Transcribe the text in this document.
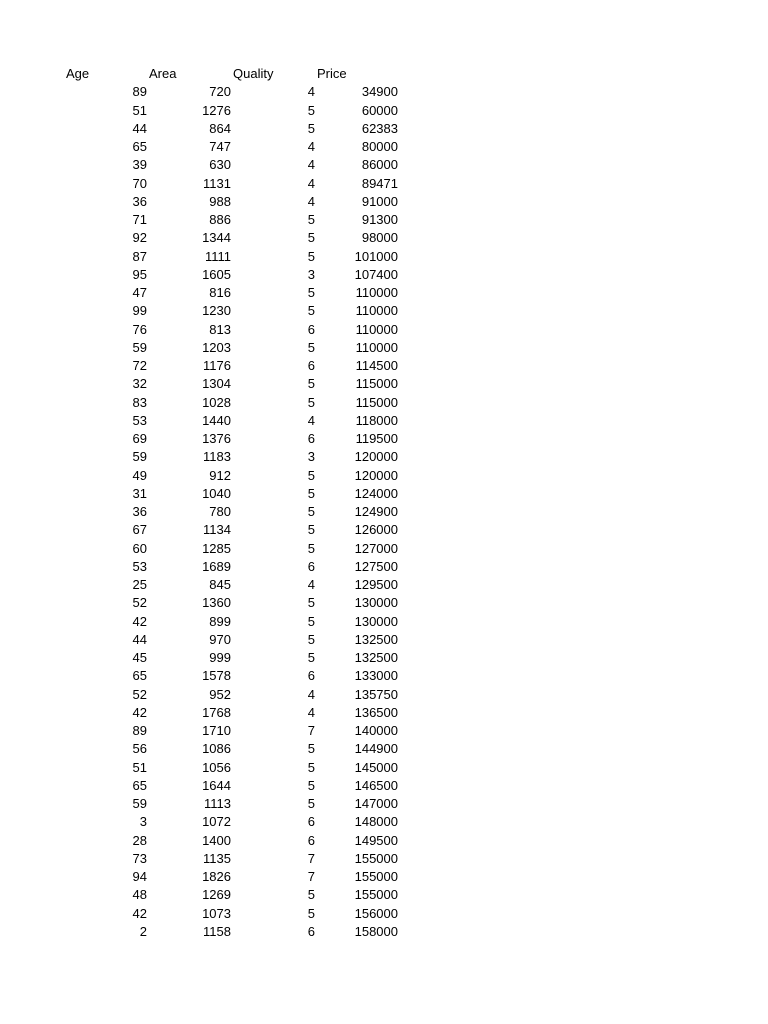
Age	Area	Quality	Price
89	720	4	34900
51	1276	5	60000
44	864	5	62383
65	747	4	80000
39	630	4	86000
70	1131	4	89471
36	988	4	91000
71	886	5	91300
92	1344	5	98000
87	1111	5	101000
95	1605	3	107400
47	816	5	110000
99	1230	5	110000
76	813	6	110000
59	1203	5	110000
72	1176	6	114500
32	1304	5	115000
83	1028	5	115000
53	1440	4	118000
69	1376	6	119500
59	1183	3	120000
49	912	5	120000
31	1040	5	124000
36	780	5	124900
67	1134	5	126000
60	1285	5	127000
53	1689	6	127500
25	845	4	129500
52	1360	5	130000
42	899	5	130000
44	970	5	132500
45	999	5	132500
65	1578	6	133000
52	952	4	135750
42	1768	4	136500
89	1710	7	140000
56	1086	5	144900
51	1056	5	145000
65	1644	5	146500
59	1113	5	147000
3	1072	6	148000
28	1400	6	149500
73	1135	7	155000
94	1826	7	155000
48	1269	5	155000
42	1073	5	156000
2	1158	6	158000
